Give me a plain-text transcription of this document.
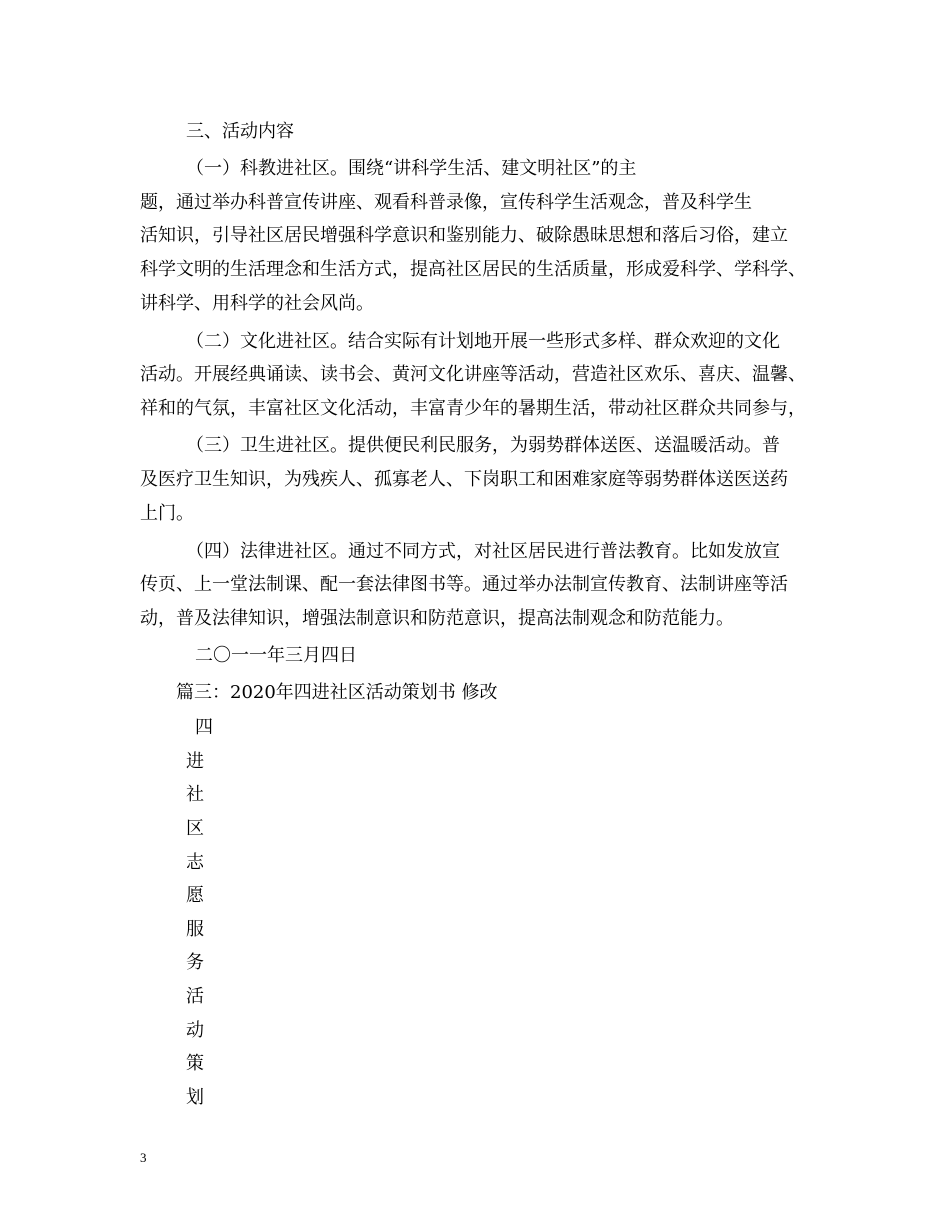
三、活动内容

（一）科教进社区。围绕“讲科学生活、建文明社区”的主

题，通过举办科普宣传讲座、观看科普录像，宣传科学生活观念，普及科学生

活知识，引导社区居民增强科学意识和鉴别能力、破除愚昧思想和落后习俗，建立

科学文明的生活理念和生活方式，提高社区居民的生活质量，形成爱科学、学科学、

讲科学、用科学的社会风尚。

（二）文化进社区。结合实际有计划地开展一些形式多样、群众欢迎的文化

活动。开展经典诵读、读书会、黄河文化讲座等活动，营造社区欢乐、喜庆、温馨、

祥和的气氛，丰富社区文化活动，丰富青少年的暑期生活，带动社区群众共同参与，

（三）卫生进社区。提供便民利民服务，为弱势群体送医、送温暖活动。普

及医疗卫生知识，为残疾人、孤寡老人、下岗职工和困难家庭等弱势群体送医送药

上门。

（四）法律进社区。通过不同方式，对社区居民进行普法教育。比如发放宣

传页、上一堂法制课、配一套法律图书等。通过举办法制宣传教育、法制讲座等活

动，普及法律知识，增强法制意识和防范意识，提高法制观念和防范能力。

二〇一一年三月四日

篇三：2020年四进社区活动策划书 修改

四

进

社

区

志

愿

服

务

活

动

策

划

3
